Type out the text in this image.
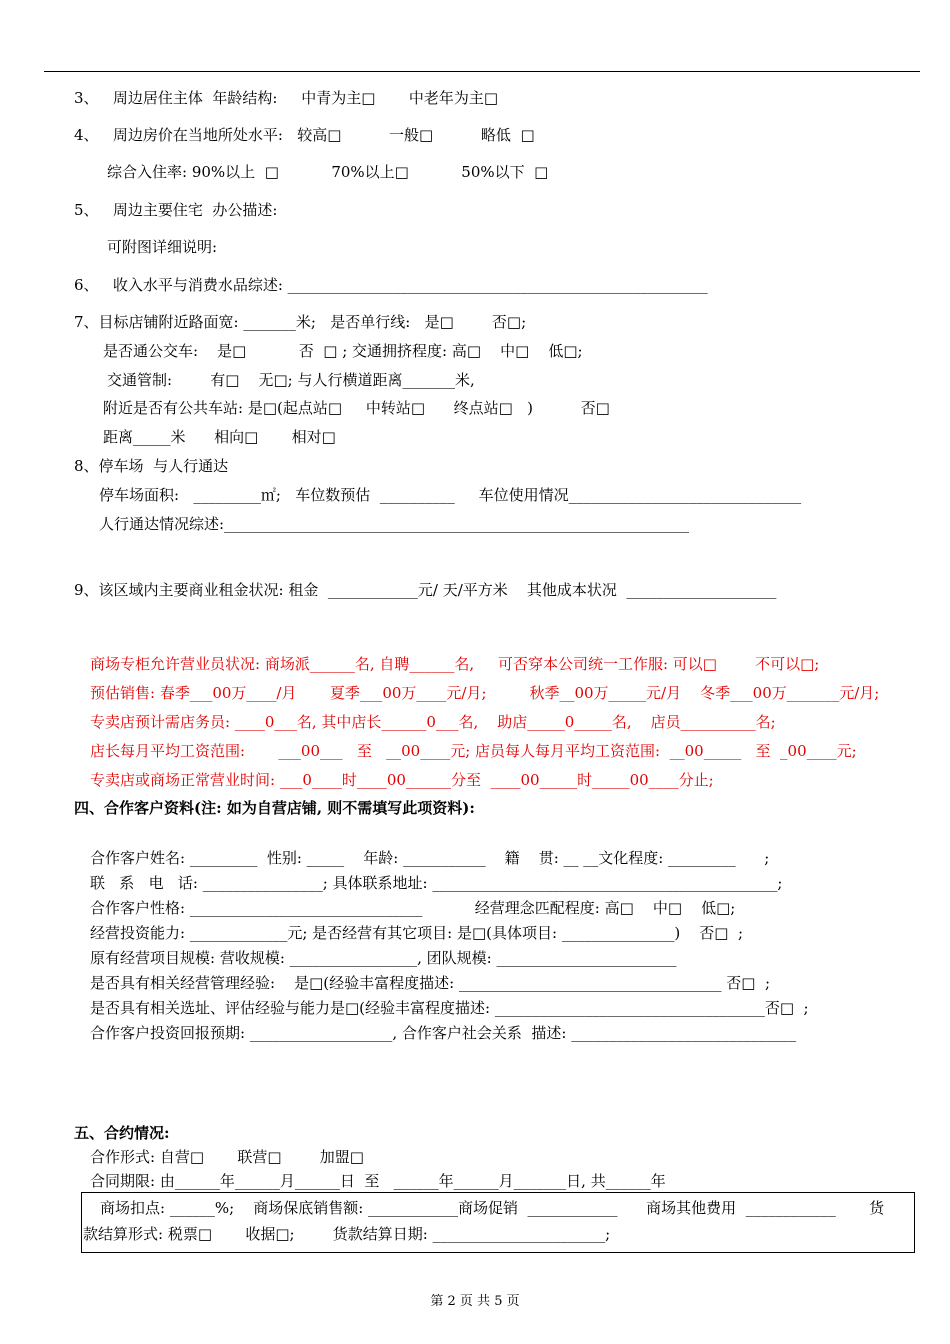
3、   周边居住主体  年龄结构:     中青为主□       中老年为主□
4、   周边房价在当地所处水平:   较高□          一般□          略低  □
综合入住率: 90%以上  □           70%以上□           50%以下  □
5、   周边主要住宅  办公描述:
可附图详细说明:
6、   收入水平与消费水品综述: ________________________________________________________
7、目标店铺附近路面宽: _______米;   是否单行线:   是□        否□;
是否通公交车:    是□           否  □ ; 交通拥挤程度: 高□    中□    低□;
交通管制:        有□    无□; 与人行横道距离_______米,
附近是否有公共车站: 是□(起点站□     中转站□      终点站□   )          否□
距离_____米      相向□       相对□
8、停车场  与人行通达
停车场面积:   _________㎡;   车位数预估  __________     车位使用情况_______________________________
人行通达情况综述:______________________________________________________________
9、该区域内主要商业租金状况: 租金  ____________元/ 天/平方米    其他成本状况  ____________________
商场专柜允许营业员状况: 商场派______名, 自聘______名,     可否穿本公司统一工作服: 可以□        不可以□;
预估销售: 春季___00万____/月       夏季___00万____元/月;         秋季__00万_____元/月    冬季___00万_______元/月;
专卖店预计需店务员: ____0___名, 其中店长______0___名,    助店_____0_____名,    店员__________名;
店长每月平均工资范围:       ___00___   至   __00____元; 店员每人每月平均工资范围:  __00_____   至  _00____元;
专卖店或商场正常营业时间: ___0____时____00______分至  ____00_____时_____00____分止;
四、合作客户资料(注: 如为自营店铺, 则不需填写此项资料):
合作客户姓名: _________  性别: _____    年龄: ___________    籍    贯: __ __文化程度: _________      ;
联   系   电   话: ________________; 具体联系地址: ______________________________________________;
合作客户性格: _______________________________           经营理念匹配程度: 高□    中□    低□;
经营投资能力: _____________元; 是否经营有其它项目: 是□(具体项目: _______________)    否□  ;
原有经营项目规模: 营收规模: _________________, 团队规模: ________________________
是否具有相关经营管理经验:    是□(经验丰富程度描述: ___________________________________ 否□  ;
是否具有相关选址、评估经验与能力是□(经验丰富程度描述: ____________________________________否□  ;
合作客户投资回报预期: ___________________, 合作客户社会关系  描述: ______________________________
五、合约情况:
合作形式: 自营□       联营□        加盟□
合同期限: 由______年______月______日  至   ______年______月_______日, 共______年
商场扣点: ______%;    商场保底销售额: ____________商场促销  ____________      商场其他费用  ____________       货
款结算形式: 税票□       收据□;        货款结算日期: _______________________;
第 2 页 共 5 页
